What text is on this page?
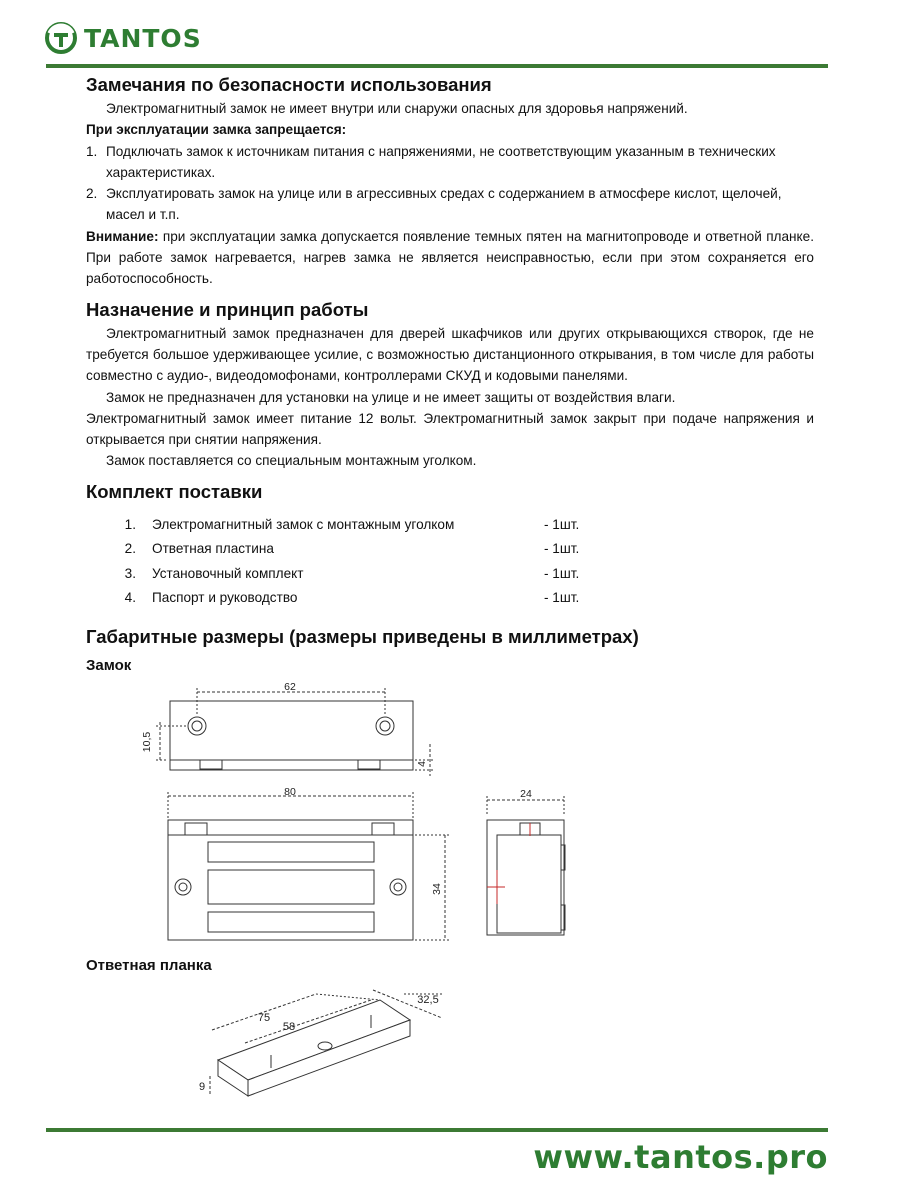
TANTOS
Замечания по безопасности использования

Электромагнитный замок не имеет внутри или снаружи опасных для здоровья напряжений.

При эксплуатации замка запрещается:

1. Подключать замок к источникам питания с напряжениями, не соответствующим указанным в технических характеристиках.
2. Эксплуатировать замок на улице или в агрессивных средах с содержанием в атмосфере кислот, щелочей, масел и т.п.

Внимание: при эксплуатации замка допускается появление темных пятен на магнитопроводе и ответной планке. При работе замок нагревается, нагрев замка не является неисправностью, если при этом сохраняется его работоспособность.

Назначение и принцип работы

Электромагнитный замок предназначен для дверей шкафчиков или других открывающихся створок, где не требуется большое удерживающее усилие, с возможностью дистанционного открывания, в том числе для работы совместно с аудио-, видеодомофонами, контроллерами СКУД и кодовыми панелями.

Замок не предназначен для установки на улице и не имеет защиты от воздействия влаги.

Электромагнитный замок имеет питание 12 вольт. Электромагнитный замок закрыт при подаче напряжения и открывается при снятии напряжения.

Замок поставляется со специальным монтажным уголком.

Комплект поставки
1.	Электромагнитный замок с монтажным уголком	- 1шт.
2.	Ответная пластина	- 1шт.
3.	Установочный комплект	- 1шт.
4.	Паспорт и руководство	- 1шт.
Габаритные размеры (размеры приведены в миллиметрах)

Замок

62
10,5
4
80
34
24
75
58
32,5
9

Ответная планка

www.tantos.pro
